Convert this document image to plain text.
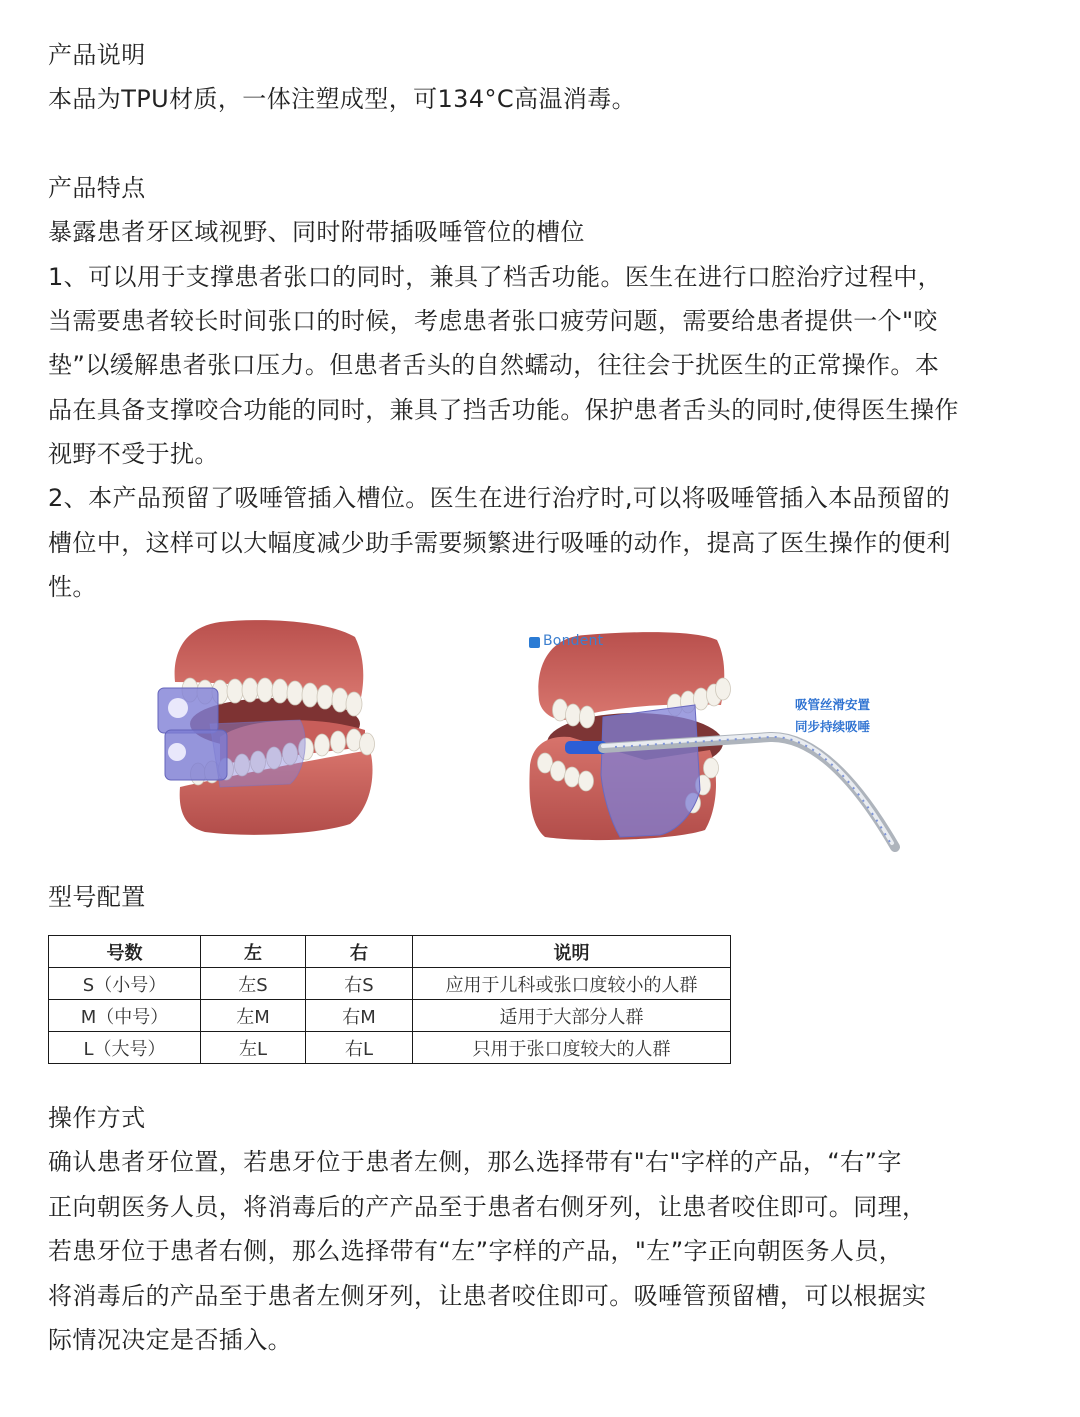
产品说明
本品为TPU材质，一体注塑成型，可134°C高温消毒。
产品特点
暴露患者牙区域视野、同时附带插吸唾管位的槽位
1、可以用于支撑患者张口的同时，兼具了档舌功能。医生在进行口腔治疗过程中，
当需要患者较长时间张口的时候，考虑患者张口疲劳问题，需要给患者提供一个"咬
垫”以缓解患者张口压力。但患者舌头的自然蠕动，往往会于扰医生的正常操作。本
品在具备支撑咬合功能的同时，兼具了挡舌功能。保护患者舌头的同时,使得医生操作
视野不受于扰。
2、本产品预留了吸唾管插入槽位。医生在进行治疗时,可以将吸唾管插入本品预留的
槽位中，这样可以大幅度减少助手需要频繁进行吸唾的动作，提高了医生操作的便利
性。
Bondent
吸管丝滑安置
同步持续吸唾
型号配置
号数	左	右	说明
S（小号）	左S	右S	应用于儿科或张口度较小的人群
M（中号）	左M	右M	适用于大部分人群
L（大号）	左L	右L	只用于张口度较大的人群
操作方式
确认患者牙位置，若患牙位于患者左侧，那么选择带有"右"字样的产品，“右”字
正向朝医务人员，将消毒后的产产品至于患者右侧牙列，让患者咬住即可。同理，
若患牙位于患者右侧，那么选择带有“左”字样的产品，"左”字正向朝医务人员，
将消毒后的产品至于患者左侧牙列，让患者咬住即可。吸唾管预留槽，可以根据实
际情况决定是否插入。
